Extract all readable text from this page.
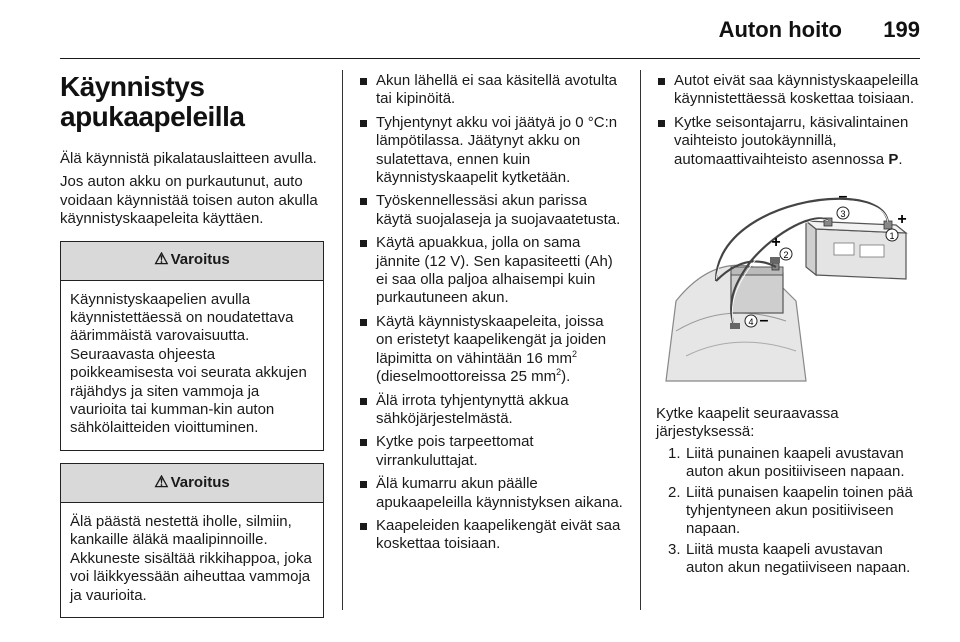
Auton hoito 199
Käynnistys
apukaapeleilla

Älä käynnistä pikalatauslaitteen avulla.

Jos auton akku on purkautunut, auto voidaan käynnistää toisen auton akulla käynnistyskaapeleita käyttäen.

⚠ Varoitus
Käynnistyskaapelien avulla käynnistettäessä on noudatettava äärimmäistä varovaisuutta. Seuraavasta ohjeesta poikkeamisesta voi seurata akkujen räjähdys ja siten vammoja ja vaurioita tai kumman-kin auton sähkölaitteiden vioittuminen.
⚠ Varoitus
Älä päästä nestettä iholle, silmiin, kankaille äläkä maalipinnoille. Akkuneste sisältää rikkihappoa, joka voi läikkyessään aiheuttaa vammoja ja vaurioita.
Akun lähellä ei saa käsitellä avotulta tai kipinöitä.
Tyhjentynyt akku voi jäätyä jo 0 °C:n lämpötilassa. Jäätynyt akku on sulatettava, ennen kuin käynnistyskaapelit kytketään.
Työskennellessäsi akun parissa käytä suojalaseja ja suojavaatetusta.
Käytä apuakkua, jolla on sama jännite (12 V). Sen kapasiteetti (Ah) ei saa olla paljoa alhaisempi kuin purkautuneen akun.
Käytä käynnistyskaapeleita, joissa on eristetyt kaapelikengät ja joiden läpimitta on vähintään 16 $mm^2$ (dieselmoottoreissa 25 $mm^2$).
Älä irrota tyhjentynyttä akkua sähköjärjestelmästä.
Kytke pois tarpeettomat virrankuluttajat.
Älä kumarru akun päälle apukaapeleilla käynnistyksen aikana.
Kaapeleiden kaapelikengät eivät saa koskettaa toisiaan.
Autot eivät saa käynnistyskaapeleilla käynnistettäessä koskettaa toisiaan.
Kytke seisontajarru, käsivalintainen vaihteisto joutokäynnillä, automaattivaihteisto asennossa P.
1
2
3
4
+
–
+
–

Kytke kaapelit seuraavassa järjestyksessä:

1. Liitä punainen kaapeli avustavan auton akun positiiviseen napaan.
2. Liitä punaisen kaapelin toinen pää tyhjentyneen akun positiiviseen napaan.
3. Liitä musta kaapeli avustavan auton akun negatiiviseen napaan.
